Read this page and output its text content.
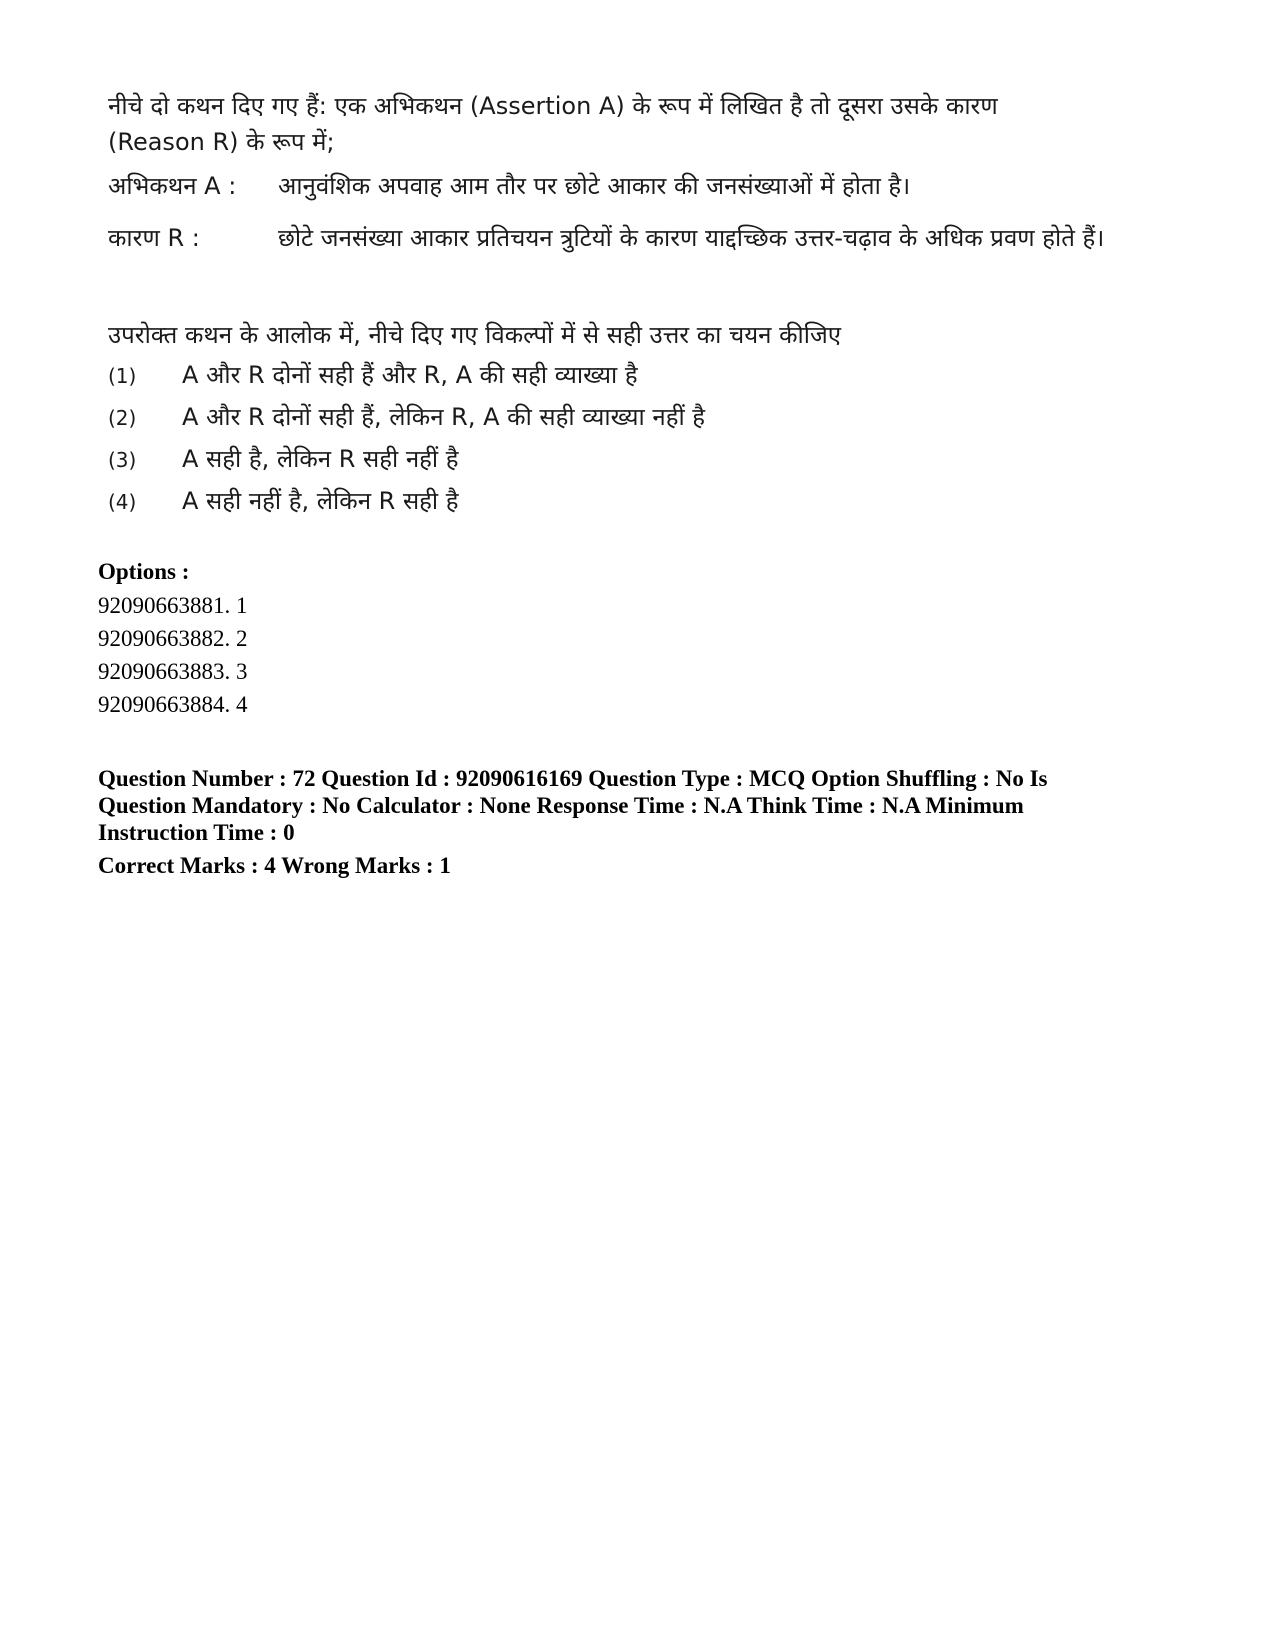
नीचे दो कथन दिए गए हैं: एक अभिकथन (Assertion A) के रूप में लिखित है तो दूसरा उसके कारण
(Reason R) के रूप में;
अभिकथन A :	आनुवंशिक अपवाह आम तौर पर छोटे आकार की जनसंख्याओं में होता है।
कारण R :	छोटे जनसंख्या आकार प्रतिचयन त्रुटियों के कारण याद्दच्छिक उत्तर-चढ़ाव के अधिक प्रवण होते हैं।
उपरोक्त कथन के आलोक में, नीचे दिए गए विकल्पों में से सही उत्तर का चयन कीजिए
(1) A और R दोनों सही हैं और R, A की सही व्याख्या है
(2) A और R दोनों सही हैं, लेकिन R, A की सही व्याख्या नहीं है
(3) A सही है, लेकिन R सही नहीं है
(4) A सही नहीं है, लेकिन R सही है
Options :
92090663881. 1
92090663882. 2
92090663883. 3
92090663884. 4
Question Number : 72 Question Id : 92090616169 Question Type : MCQ Option Shuffling : No Is
Question Mandatory : No Calculator : None Response Time : N.A Think Time : N.A Minimum
Instruction Time : 0
Correct Marks : 4 Wrong Marks : 1
